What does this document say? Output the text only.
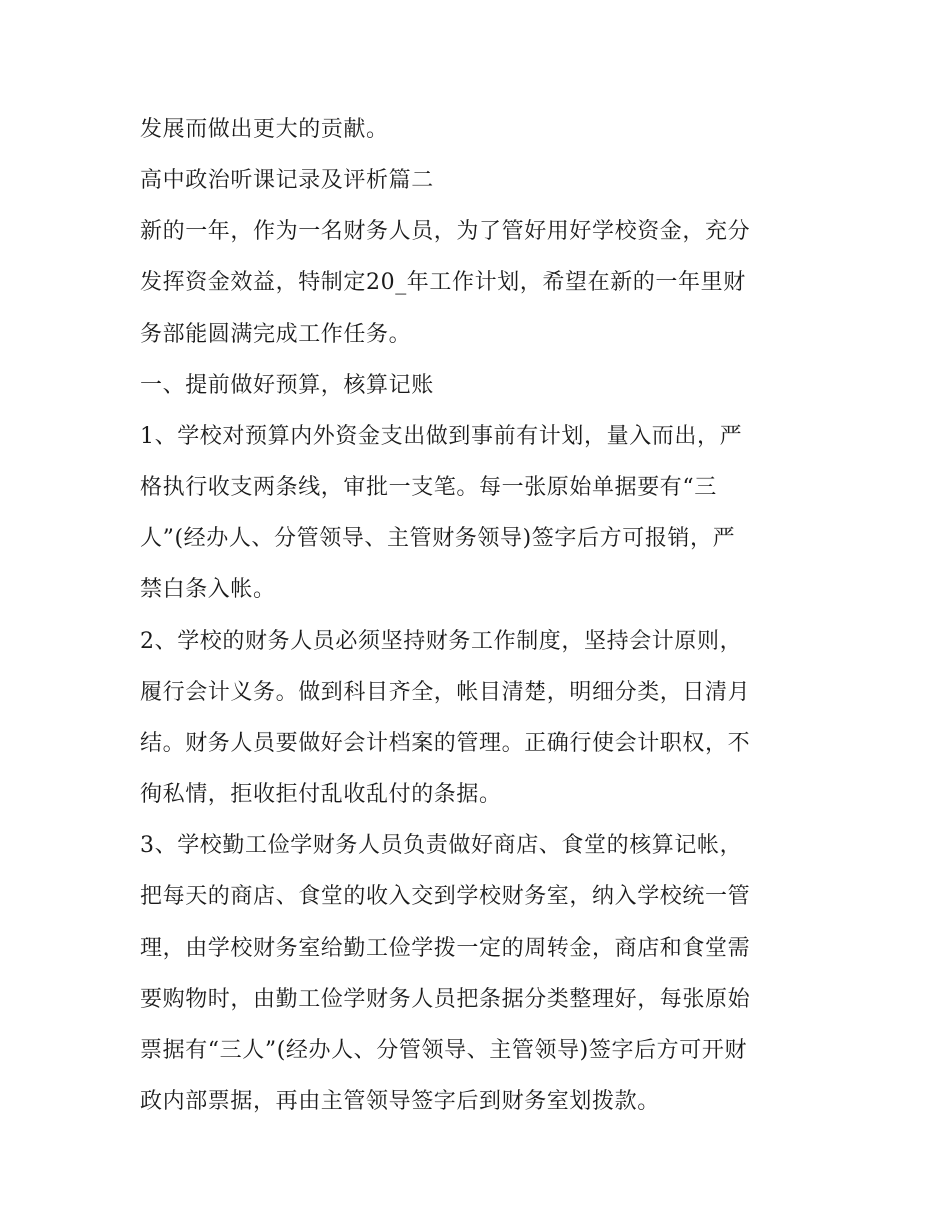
发展而做出更大的贡献。
高中政治听课记录及评析篇二
新的一年，作为一名财务人员，为了管好用好学校资金，充分
发挥资金效益，特制定20_年工作计划，希望在新的一年里财
务部能圆满完成工作任务。
一、提前做好预算，核算记账
1、学校对预算内外资金支出做到事前有计划，量入而出，严
格执行收支两条线，审批一支笔。每一张原始单据要有“三
人”(经办人、分管领导、主管财务领导)签字后方可报销，严
禁白条入帐。
2、学校的财务人员必须坚持财务工作制度，坚持会计原则，
履行会计义务。做到科目齐全，帐目清楚，明细分类，日清月
结。财务人员要做好会计档案的管理。正确行使会计职权，不
徇私情，拒收拒付乱收乱付的条据。
3、学校勤工俭学财务人员负责做好商店、食堂的核算记帐，
把每天的商店、食堂的收入交到学校财务室，纳入学校统一管
理，由学校财务室给勤工俭学拨一定的周转金，商店和食堂需
要购物时，由勤工俭学财务人员把条据分类整理好，每张原始
票据有“三人”(经办人、分管领导、主管领导)签字后方可开财
政内部票据，再由主管领导签字后到财务室划拨款。
